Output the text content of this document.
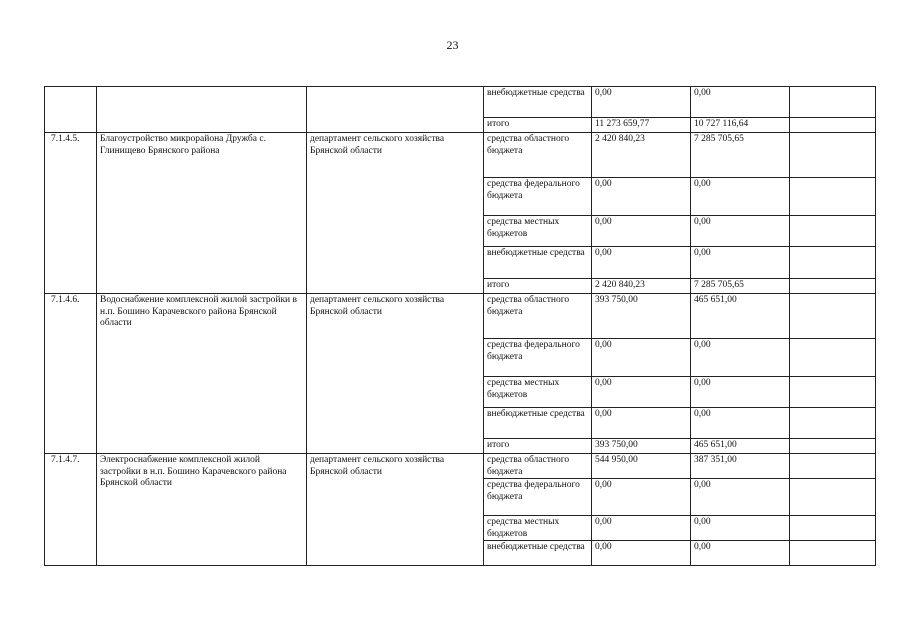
23
			внебюджетные средства	0,00	0,00	
			итого	11 273 659,77	10 727 116,64	
7.1.4.5.	Благоустройство микрорайона Дружба с. Глинищево Брянского района	департамент сельского хозяйства Брянской области	средства областного бюджета	2 420 840,23	7 285 705,65	
			средства федерального бюджета	0,00	0,00	
			средства местных бюджетов	0,00	0,00	
			внебюджетные средства	0,00	0,00	
			итого	2 420 840,23	7 285 705,65	
7.1.4.6.	Водоснабжение комплексной жилой застройки в н.п. Бошино Карачевского района Брянской области	департамент сельского хозяйства Брянской области	средства областного бюджета	393 750,00	465 651,00	
			средства федерального бюджета	0,00	0,00	
			средства местных бюджетов	0,00	0,00	
			внебюджетные средства	0,00	0,00	
			итого	393 750,00	465 651,00	
7.1.4.7.	Электроснабжение комплексной жилой застройки в н.п. Бошино Карачевского района Брянской области	департамент сельского хозяйства Брянской области	средства областного бюджета	544 950,00	387 351,00	
			средства федерального бюджета	0,00	0,00	
			средства местных бюджетов	0,00	0,00	
			внебюджетные средства	0,00	0,00	
